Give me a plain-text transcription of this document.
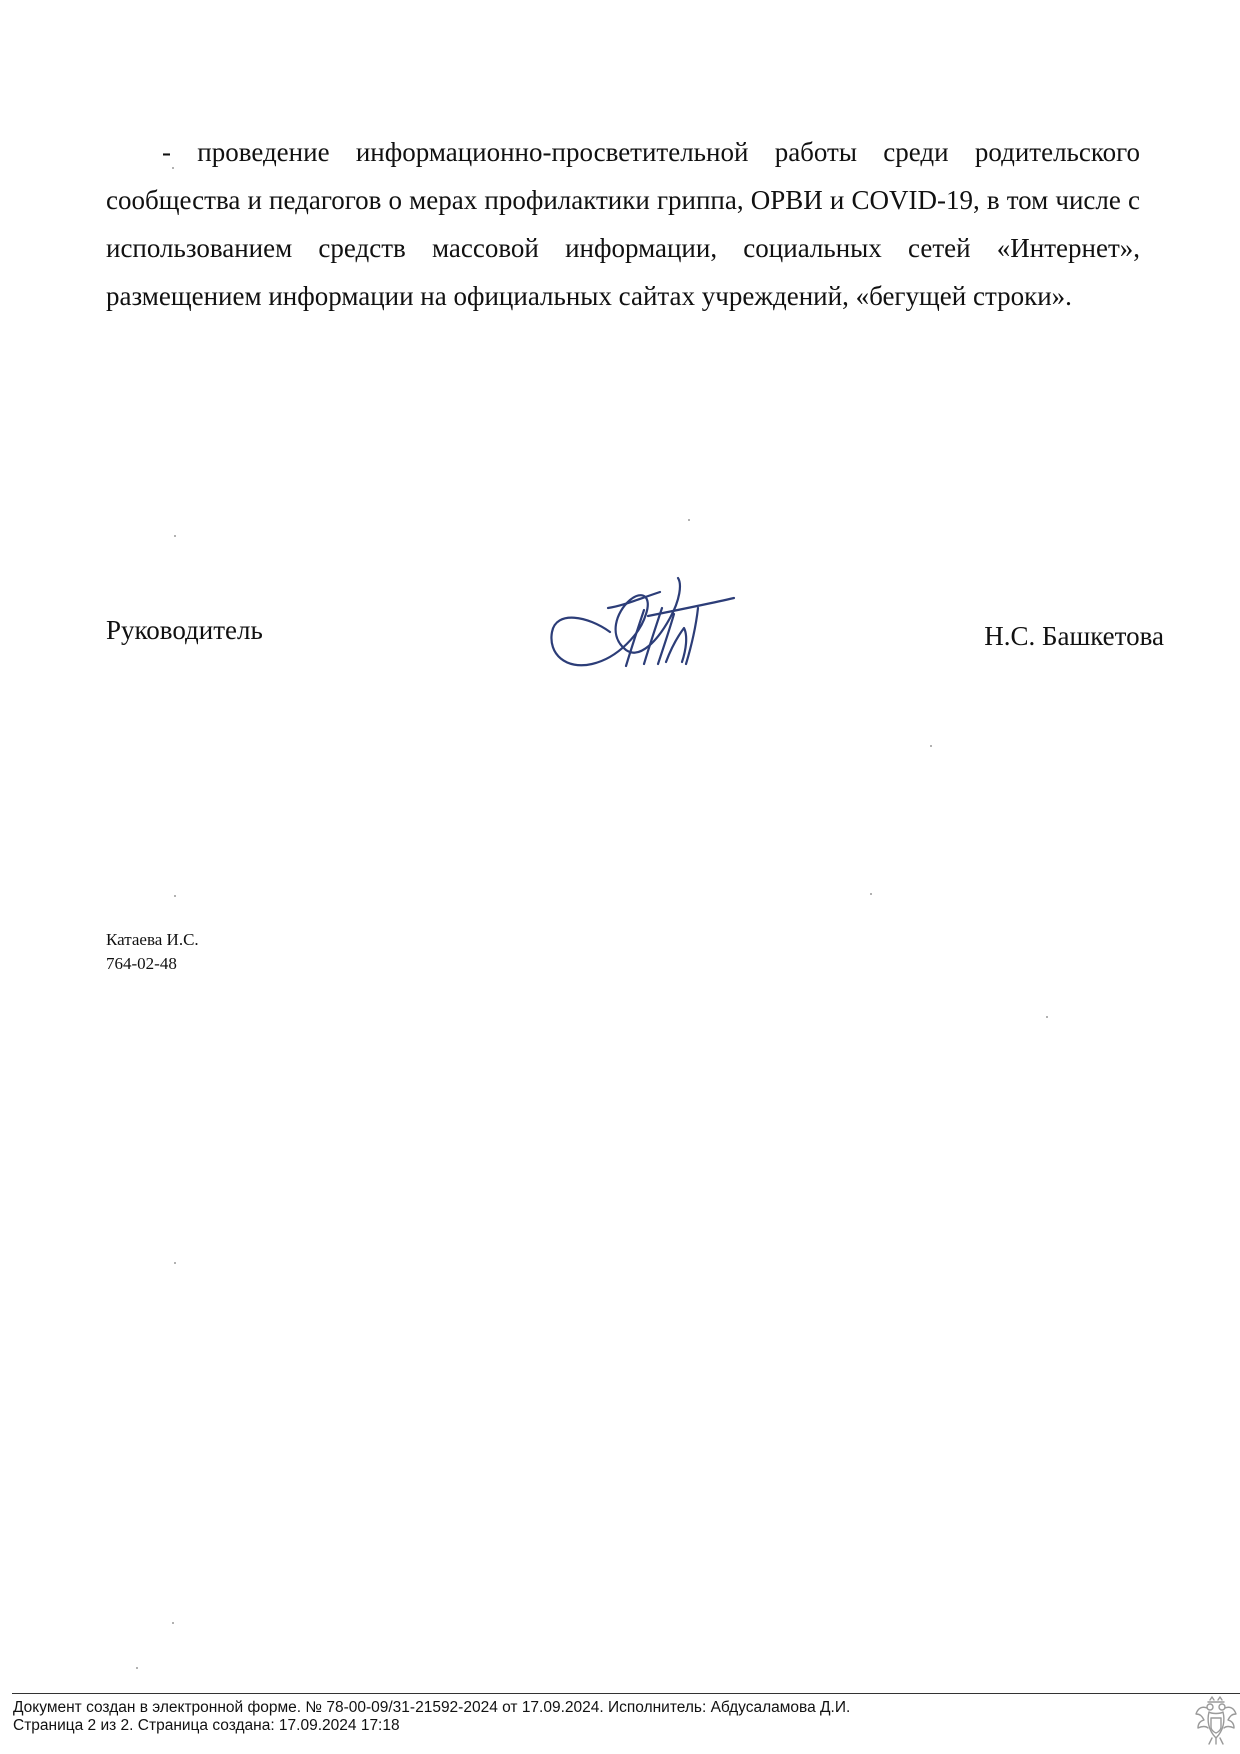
- проведение информационно-просветительной работы среди родительского сообщества и педагогов о мерах профилактики гриппа, ОРВИ и COVID-19, в том числе с использованием средств массовой информации, социальных сетей «Интернет», размещением информации на официальных сайтах учреждений, «бегущей строки».

Руководитель	Н.С. Башкетова
Катаева И.С.
764-02-48
Документ создан в электронной форме. № 78-00-09/31-21592-2024 от 17.09.2024. Исполнитель: Абдусаламова Д.И.
Страница 2 из 2. Страница создана: 17.09.2024 17:18
